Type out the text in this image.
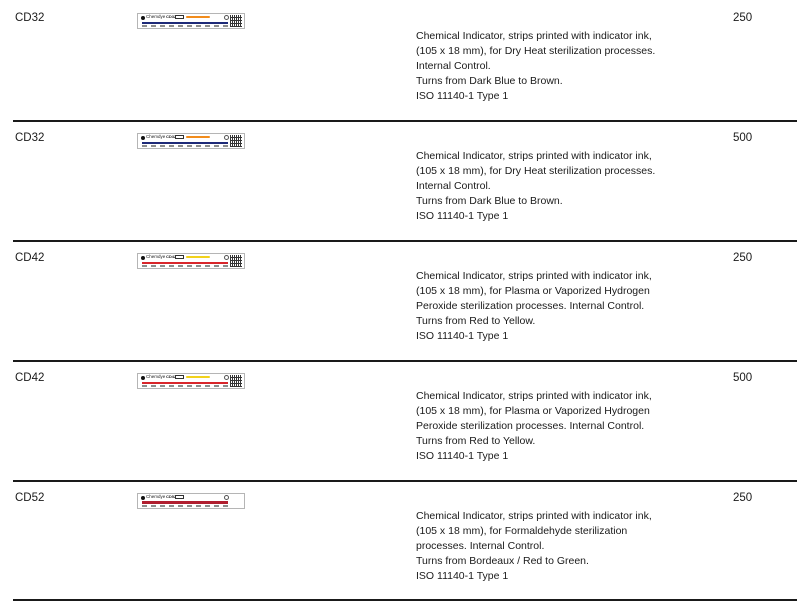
CD32	Chemdye CD32
Chemical Indicator, strips printed with indicator ink,
(105 x 18 mm), for Dry Heat sterilization processes.
Internal Control.
Turns from Dark Blue to Brown.
ISO 11140-1 Type 1
250
CD32	Chemdye CD32
Chemical Indicator, strips printed with indicator ink,
(105 x 18 mm), for Dry Heat sterilization processes.
Internal Control.
Turns from Dark Blue to Brown.
ISO 11140-1 Type 1
500
CD42	Chemdye CD42
Chemical Indicator, strips printed with indicator ink,
(105 x 18 mm), for Plasma or Vaporized Hydrogen
Peroxide sterilization processes. Internal Control.
Turns from Red to Yellow.
ISO 11140-1 Type 1
250
CD42	Chemdye CD42
Chemical Indicator, strips printed with indicator ink,
(105 x 18 mm), for Plasma or Vaporized Hydrogen
Peroxide sterilization processes. Internal Control.
Turns from Red to Yellow.
ISO 11140-1 Type 1
500
CD52	Chemdye CD52
Chemical Indicator, strips printed with indicator ink,
(105 x 18 mm), for Formaldehyde sterilization
processes. Internal Control.
Turns from Bordeaux / Red to Green.
ISO 11140-1 Type 1
250
